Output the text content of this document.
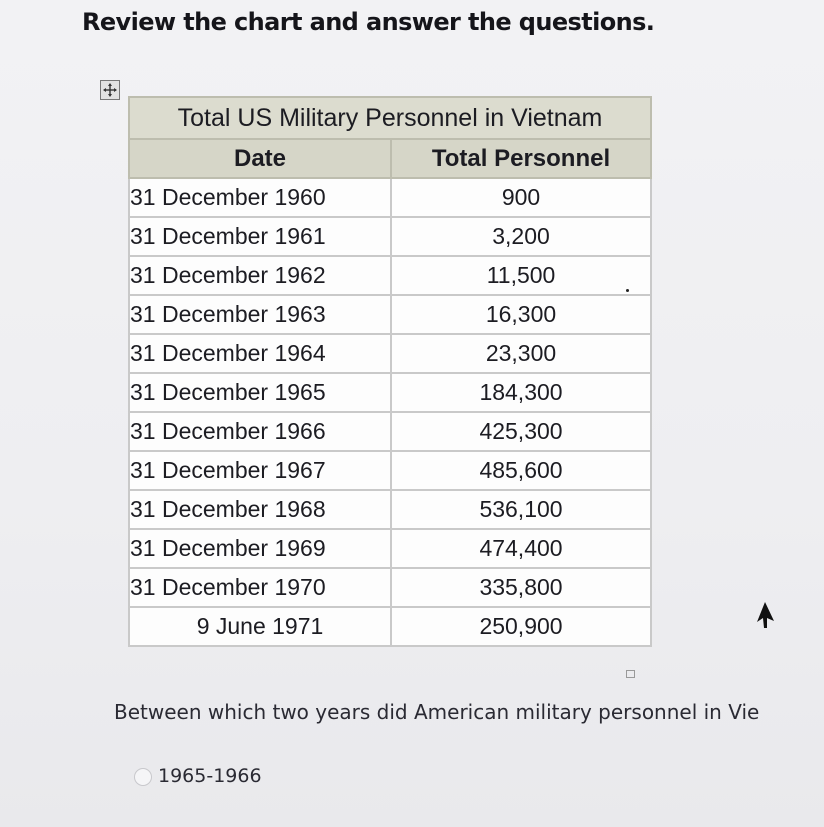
Review the chart and answer the questions.
Total US Military Personnel in Vietnam	
Date	Total Personnel
31 December 1960	900
31 December 1961	3,200
31 December 1962	11,500
31 December 1963	16,300
31 December 1964	23,300
31 December 1965	184,300
31 December 1966	425,300
31 December 1967	485,600
31 December 1968	536,100
31 December 1969	474,400
31 December 1970	335,800
9 June 1971	250,900
Between which two years did American military personnel in Vie
1965-1966
